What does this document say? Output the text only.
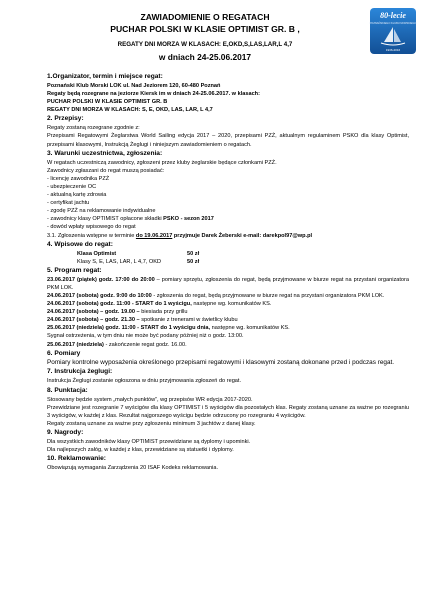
ZAWIADOMIENIE O REGATACH
PUCHAR POLSKI W KLASIE OPTIMIST GR. B ,
REGATY DNI MORZA W KLASACH: E,OKD,S,LAS,LAR,L 4,7
w dniach 24-25.06.2017
80-lecie
POZNAŃSKIEGO KLUBU MORSKIEGO
1936-2016

1.Organizator, termin i miejsce regat:

Poznański Klub Morski LOK ul. Nad Jeziorem 120, 60-480 Poznań

Regaty będą rozegrane na jeziorze Kiersk im w dniach 24-25.06.2017. w klasach:

PUCHAR POLSKI W KLASIE OPTIMIST GR. B

REGATY DNI MORZA W KLASACH: S, E, OKD, LAS, LAR, L 4,7

2. Przepisy:

Regaty zostaną rozegrane zgodnie z:

Przepisami Regatowymi Żeglarstwa World Sailing edycja 2017 – 2020, przepisami PZŻ, aktualnym regulaminem PSKO dla klasy Optimist, przepisami klasowymi, Instrukcją Żeglugi i niniejszym zawiadomieniem o regatach.

3. Warunki uczestnictwa, zgłoszenia:

W regatach uczestniczą zawodnicy, zgłoszeni przez kluby żeglarskie będące członkami PZŻ.

Zawodnicy zgłaszani do regat muszą posiadać:

- licencję zawodnika PZŻ

- ubezpieczenie OC

- aktualną kartę zdrowia

- certyfikat jachtu

- zgodę PZŻ na reklamowanie indywidualne

- zawodnicy klasy OPTIMIST opłacone składki PSKO - sezon 2017

- dowód wpłaty wpisowego do regat

3.1. Zgłoszenia wstępne w terminie do 19.06.2017 przyjmuje Darek Żeberski e-mail: darekpol97@wp.pl

4. Wpisowe do regat:

Klasa Optimist	50 zł
Klasy S, E, LAS, LAR, L 4,7, OKD	50 zł

5. Program regat:

23.06.2017 (piątek) godz. 17:00 do 20:00 – pomiary sprzętu, zgłoszenia do regat, będą przyjmowane w biurze regat na przystani organizatora PKM LOK.

24.06.2017 (sobota) godz. 9:00 do 10:00 - zgłoszenia do regat, będą przyjmowane w biurze regat na przystani organizatora PKM LOK.

24.06.2017 (sobota) godz. 11:00 - START do 1 wyścigu, następne wg. komunikatów KS.

24.06.2017 (sobota) – godz. 19.00 – biesiada przy grillu

24.06.2017 (sobota) – godz. 21.30 – spotkanie z trenerami w świetlicy klubu

25.06.2017 (niedziela) godz. 11:00 - START do 1 wyścigu dnia, następne wg. komunikatów KS.

Sygnał ostrzeżenia, w tym dniu nie może być podany później niż o godz. 13:00.

25.06.2017 (niedziela) - zakończenie regat godz. 16.00.

6. Pomiary

Pomiary kontrolne wyposażenia określonego przepisami regatowymi i klasowymi zostaną dokonane przed i podczas regat.

7. Instrukcja żeglugi:

Instrukcja Żeglugi zostanie ogłoszona w dniu przyjmowania zgłoszeń do regat.

8. Punktacja:

Stosowany będzie system „małych punktów”, wg przepisów WR edycja 2017-2020.

Przewidziane jest rozegranie 7 wyścigów dla klasy OPTIMIST i 5 wyścigów dla pozostałych klas. Regaty zostaną uznane za ważne po rozegraniu 3 wyścigów, w każdej z klas. Rezultat najgorszego wyścigu będzie odrzucony po rozegraniu 4 wyścigów.

Regaty zostaną uznane za ważne przy zgłoszeniu minimum 3 jachtów z danej klasy.

9. Nagrody:

Dla wszystkich zawodników klasy OPTIMIST przewidziane są dyplomy i upominki.

Dla najlepszych załóg, w każdej z klas, przewidziane są statuetki i dyplomy.

10. Reklamowanie:

Obowiązują wymagania Zarządzenia 20 ISAF Kodeks reklamowania.
